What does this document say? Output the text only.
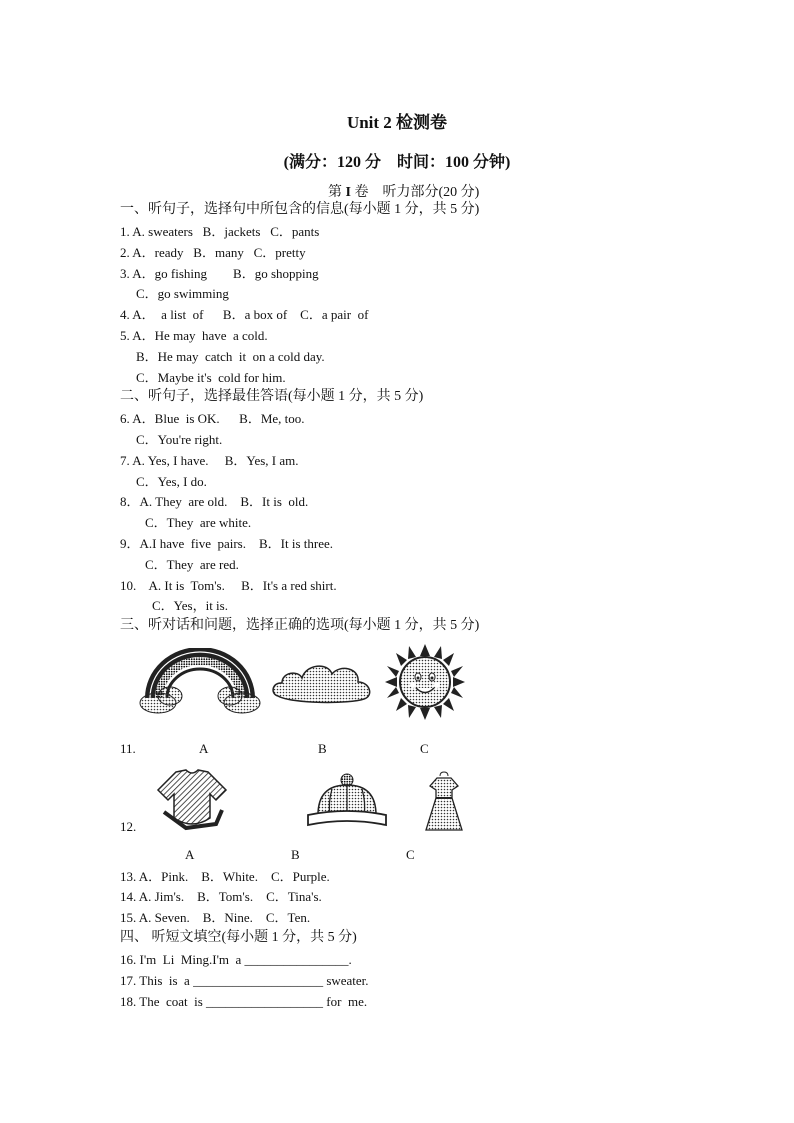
Unit 2 检测卷
(满分：120 分　时间：100 分钟)
第 I 卷　听力部分(20 分)
一、听句子，选择句中所包含的信息(每小题 1 分，共 5 分)
1. A. sweaters   B．jackets   C．pants
2. A．ready   B．many   C．pretty
3. A．go fishing        B．go shopping
C．go swimming
4. A．  a list  of      B．a box of    C．a pair  of
5. A．He may  have  a cold.
B．He may  catch  it  on a cold day.
C．Maybe it's  cold for him.
二、听句子，选择最佳答语(每小题 1 分，共 5 分)
6. A．Blue  is OK.      B．Me, too.
C．You're right.
7. A. Yes, I have.     B．Yes, I am.
C．Yes, I do.
8．A. They  are old.    B．It is  old.
C．They  are white.
9．A.I have  five  pairs.    B．It is three.
C．They  are red.
10.    A. It is  Tom's.     B．It's a red shirt.
C．Yes，it is.
三、听对话和问题，选择正确的选项(每小题 1 分，共 5 分)
11.	A	B	C
12.
A	B	C
13. A．Pink.    B．White.    C．Purple.
14. A. Jim's.    B．Tom's.    C．Tina's.
15. A. Seven.    B．Nine.    C．Ten.
四、 听短文填空(每小题 1 分，共 5 分)
16. I'm  Li  Ming.I'm  a ________________.
17. This  is  a ____________________ sweater.
18. The  coat  is __________________ for  me.
